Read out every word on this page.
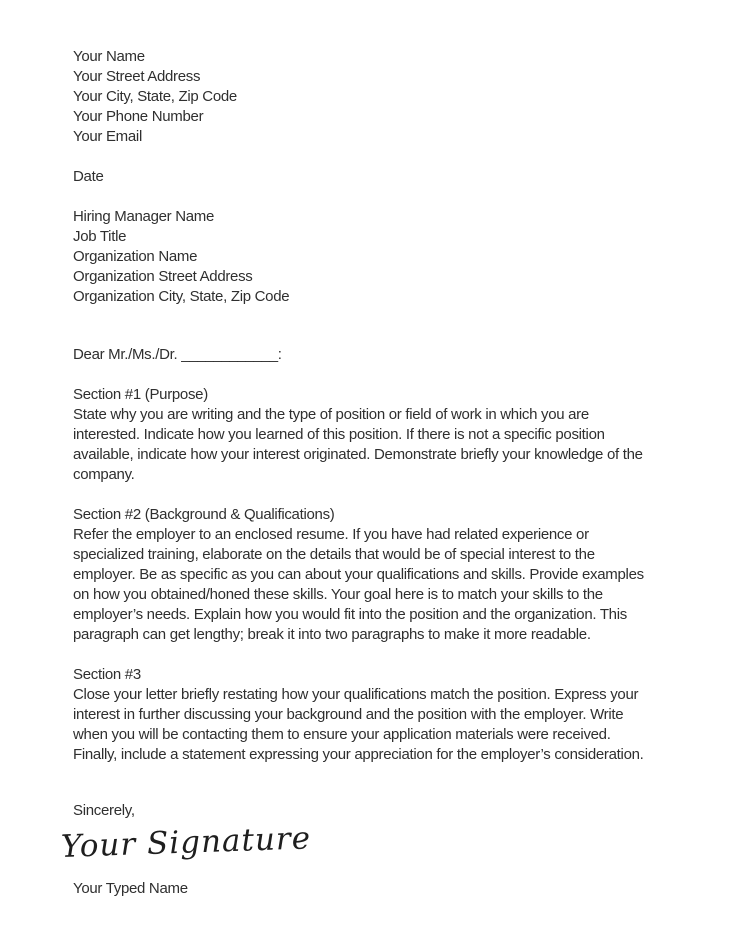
Your Name
Your Street Address
Your City, State, Zip Code
Your Phone Number
Your Email
Date
Hiring Manager Name
Job Title
Organization Name
Organization Street Address
Organization City, State, Zip Code
Dear Mr./Ms./Dr. ____________:
Section #1 (Purpose)
State why you are writing and the type of position or field of work in which you are
interested. Indicate how you learned of this position. If there is not a specific position
available, indicate how your interest originated. Demonstrate briefly your knowledge of the
company.
Section #2 (Background & Qualifications)
Refer the employer to an enclosed resume. If you have had related experience or
specialized training, elaborate on the details that would be of special interest to the
employer. Be as specific as you can about your qualifications and skills. Provide examples
on how you obtained/honed these skills. Your goal here is to match your skills to the
employer’s needs. Explain how you would fit into the position and the organization. This
paragraph can get lengthy; break it into two paragraphs to make it more readable.
Section #3
Close your letter briefly restating how your qualifications match the position. Express your
interest in further discussing your background and the position with the employer. Write
when you will be contacting them to ensure your application materials were received.
Finally, include a statement expressing your appreciation for the employer’s consideration.
Sincerely,
Your Signature
Your Typed Name
